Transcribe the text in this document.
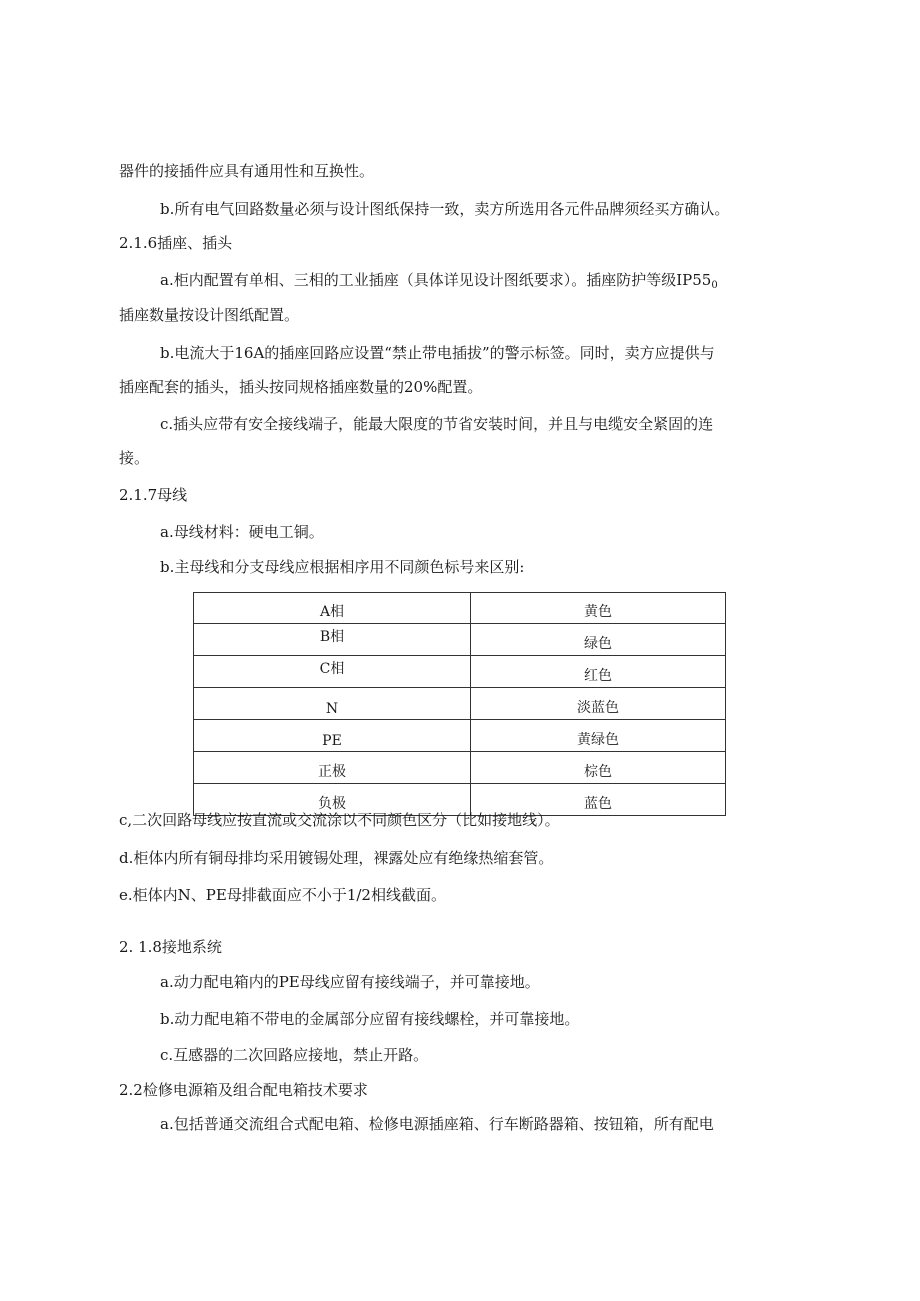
器件的接插件应具有通用性和互换性。
b.所有电气回路数量必须与设计图纸保持一致，卖方所选用各元件品牌须经买方确认。
2.1.6插座、插头
a.柜内配置有单相、三相的工业插座（具体详见设计图纸要求）。插座防护等级$IP55_0$
插座数量按设计图纸配置。
b.电流大于16A的插座回路应设置“禁止带电插拔”的警示标签。同时，卖方应提供与
插座配套的插头，插头按同规格插座数量的20%配置。
c.插头应带有安全接线端子，能最大限度的节省安装时间，并且与电缆安全紧固的连
接。
2.1.7母线
a.母线材料：硬电工铜。
b.主母线和分支母线应根据相序用不同颜色标号来区别:
A相	黄色
B相	绿色
C相	红色
N	淡蓝色
PE	黄绿色
正极	棕色
负极	蓝色
c,二次回路母线应按直流或交流涂以不同颜色区分（比如接地线）。
d.柜体内所有铜母排均采用镀锡处理，裸露处应有绝缘热缩套管。
e.柜体内N、PE母排截面应不小于1/2相线截面。
2. 1.8接地系统
a.动力配电箱内的PE母线应留有接线端子，并可靠接地。
b.动力配电箱不带电的金属部分应留有接线螺栓，并可靠接地。
c.互感器的二次回路应接地，禁止开路。
2.2检修电源箱及组合配电箱技术要求
a.包括普通交流组合式配电箱、检修电源插座箱、行车断路器箱、按钮箱，所有配电
